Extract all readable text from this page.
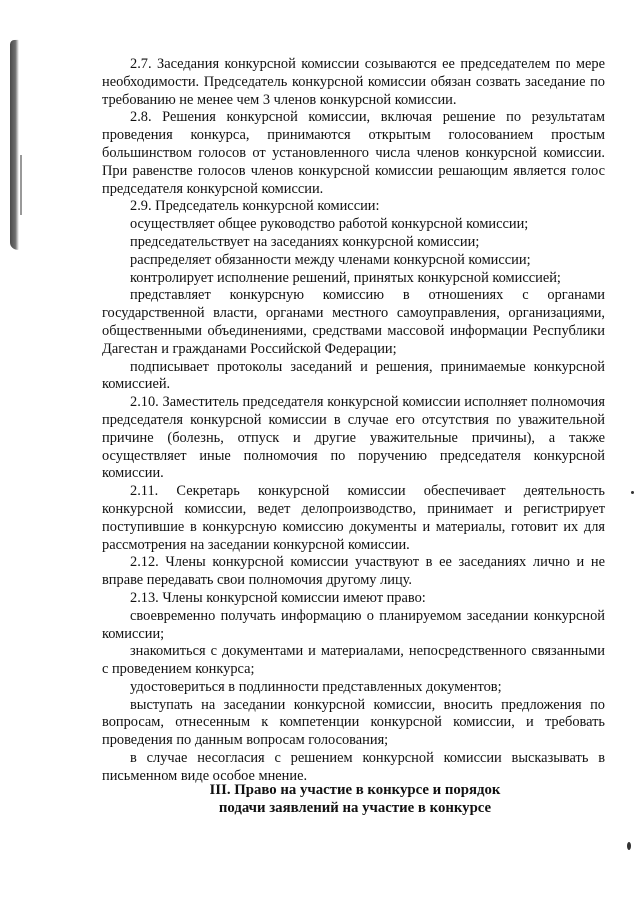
2.7. Заседания конкурсной комиссии созываются ее председателем по мере необходимости. Председатель конкурсной комиссии обязан созвать заседание по требованию не менее чем 3 членов конкурсной комиссии.

2.8. Решения конкурсной комиссии, включая решение по результатам проведения конкурса, принимаются открытым голосованием простым большинством голосов от установленного числа членов конкурсной комиссии. При равенстве голосов членов конкурсной комиссии решающим является голос председателя конкурсной комиссии.

2.9. Председатель конкурсной комиссии:

осуществляет общее руководство работой конкурсной комиссии;

председательствует на заседаниях конкурсной комиссии;

распределяет обязанности между членами конкурсной комиссии;

контролирует исполнение решений, принятых конкурсной комиссией;

представляет конкурсную комиссию в отношениях с органами государственной власти, органами местного самоуправления, организациями, общественными объединениями, средствами массовой информации Республики Дагестан и гражданами Российской Федерации;

подписывает протоколы заседаний и решения, принимаемые конкурсной комиссией.

2.10. Заместитель председателя конкурсной комиссии исполняет полномочия председателя конкурсной комиссии в случае его отсутствия по уважительной причине (болезнь, отпуск и другие уважительные причины), а также осуществляет иные полномочия по поручению председателя конкурсной комиссии.

2.11. Секретарь конкурсной комиссии обеспечивает деятельность конкурсной комиссии, ведет делопроизводство, принимает и регистрирует поступившие в конкурсную комиссию документы и материалы, готовит их для рассмотрения на заседании конкурсной комиссии.

2.12. Члены конкурсной комиссии участвуют в ее заседаниях лично и не вправе передавать свои полномочия другому лицу.

2.13. Члены конкурсной комиссии имеют право:

своевременно получать информацию о планируемом заседании конкурсной комиссии;

знакомиться с документами и материалами, непосредственного связанными с проведением конкурса;

удостовериться в подлинности представленных документов;

выступать на заседании конкурсной комиссии, вносить предложения по вопросам, отнесенным к компетенции конкурсной комиссии, и требовать проведения по данным вопросам голосования;

в случае несогласия с решением конкурсной комиссии высказывать в письменном виде особое мнение.

III. Право на участие в конкурсе и порядок
подачи заявлений на участие в конкурсе
